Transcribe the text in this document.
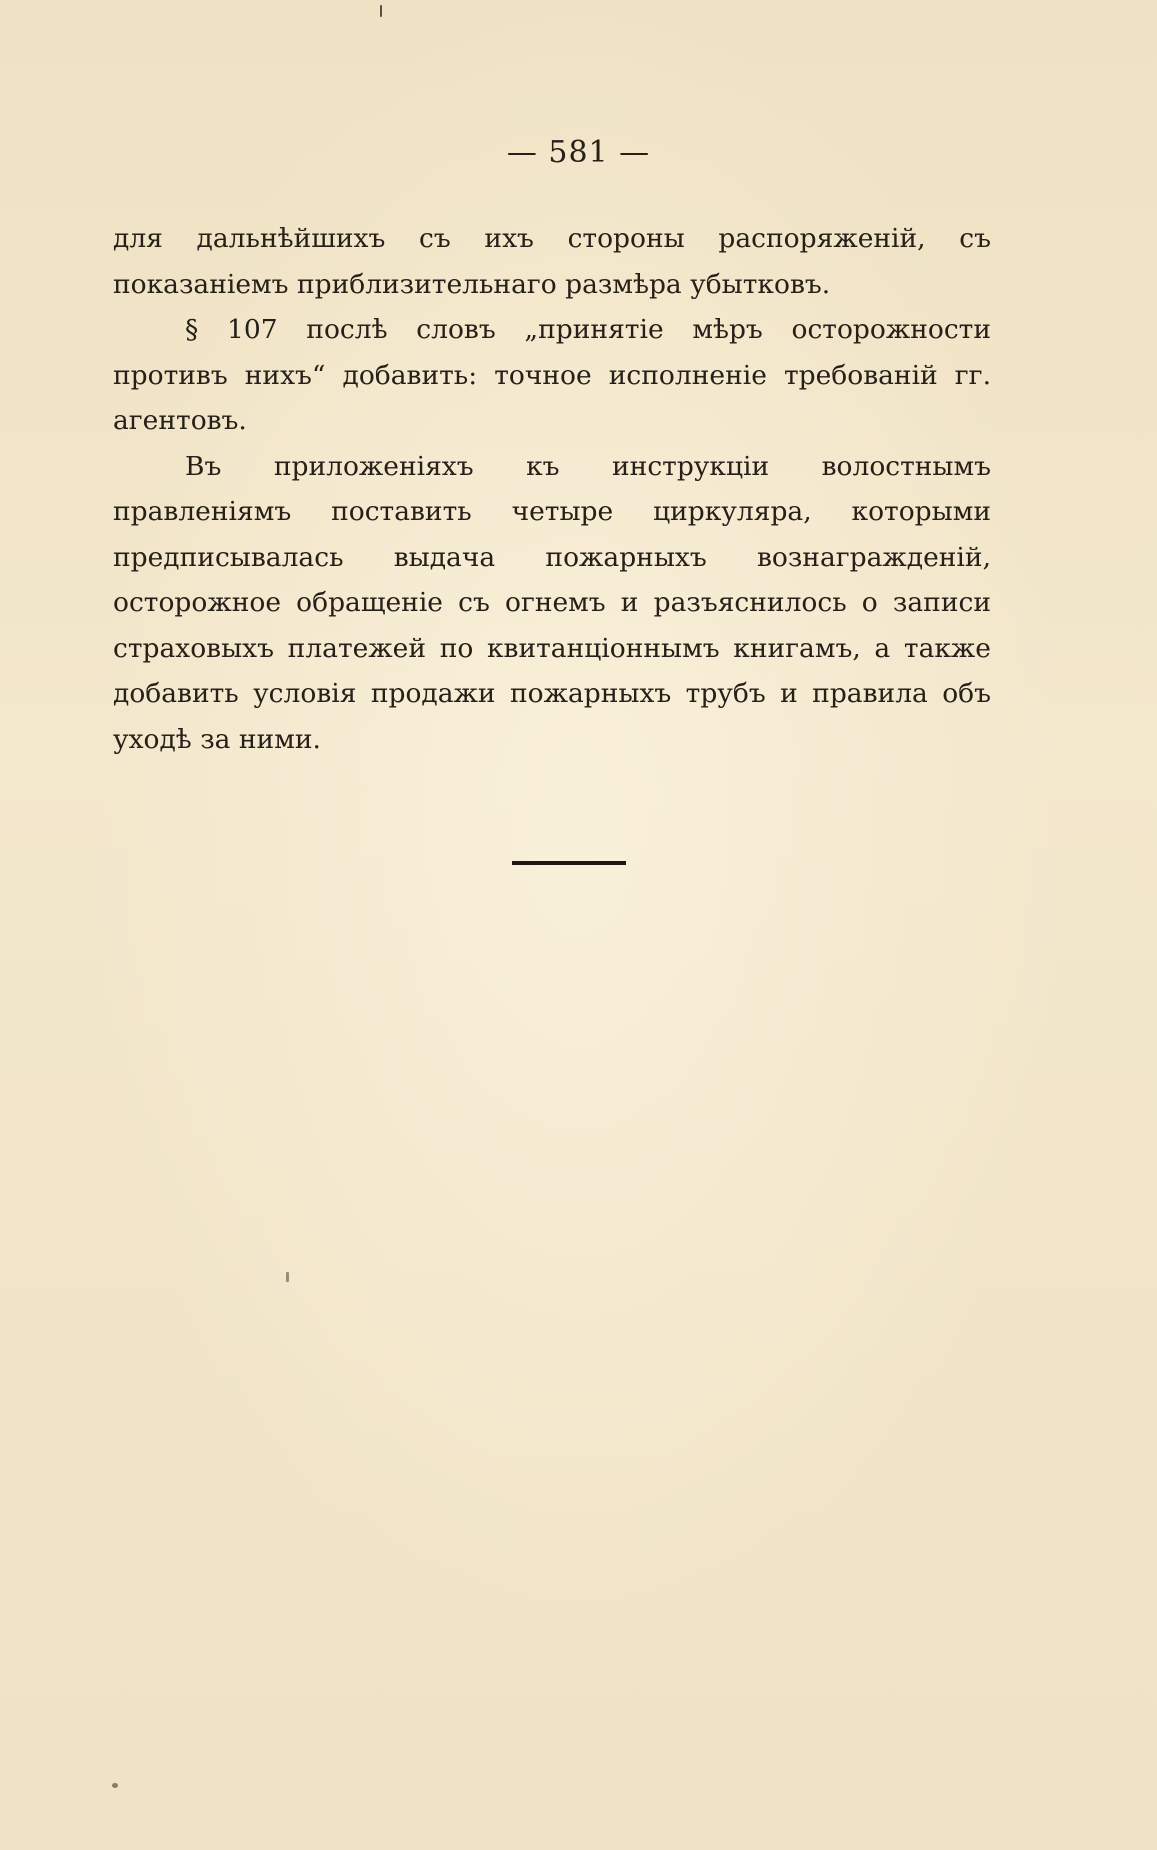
— 581 —

для дальнѣйшихъ съ ихъ стороны распоряженій, съ показаніемъ приблизительнаго размѣра убытковъ.

§ 107 послѣ словъ „принятіе мѣръ осторожности противъ нихъ“ добавить: точное исполненіе требованій гг. агентовъ.

Въ приложеніяхъ къ инструкціи волостнымъ правленіямъ поставить четыре циркуляра, которыми предписывалась выдача пожарныхъ вознагражденій, осторожное обращеніе съ огнемъ и разъяснилось о записи страховыхъ платежей по квитанціоннымъ книгамъ, а также добавить условія продажи пожарныхъ трубъ и правила объ уходѣ за ними.
